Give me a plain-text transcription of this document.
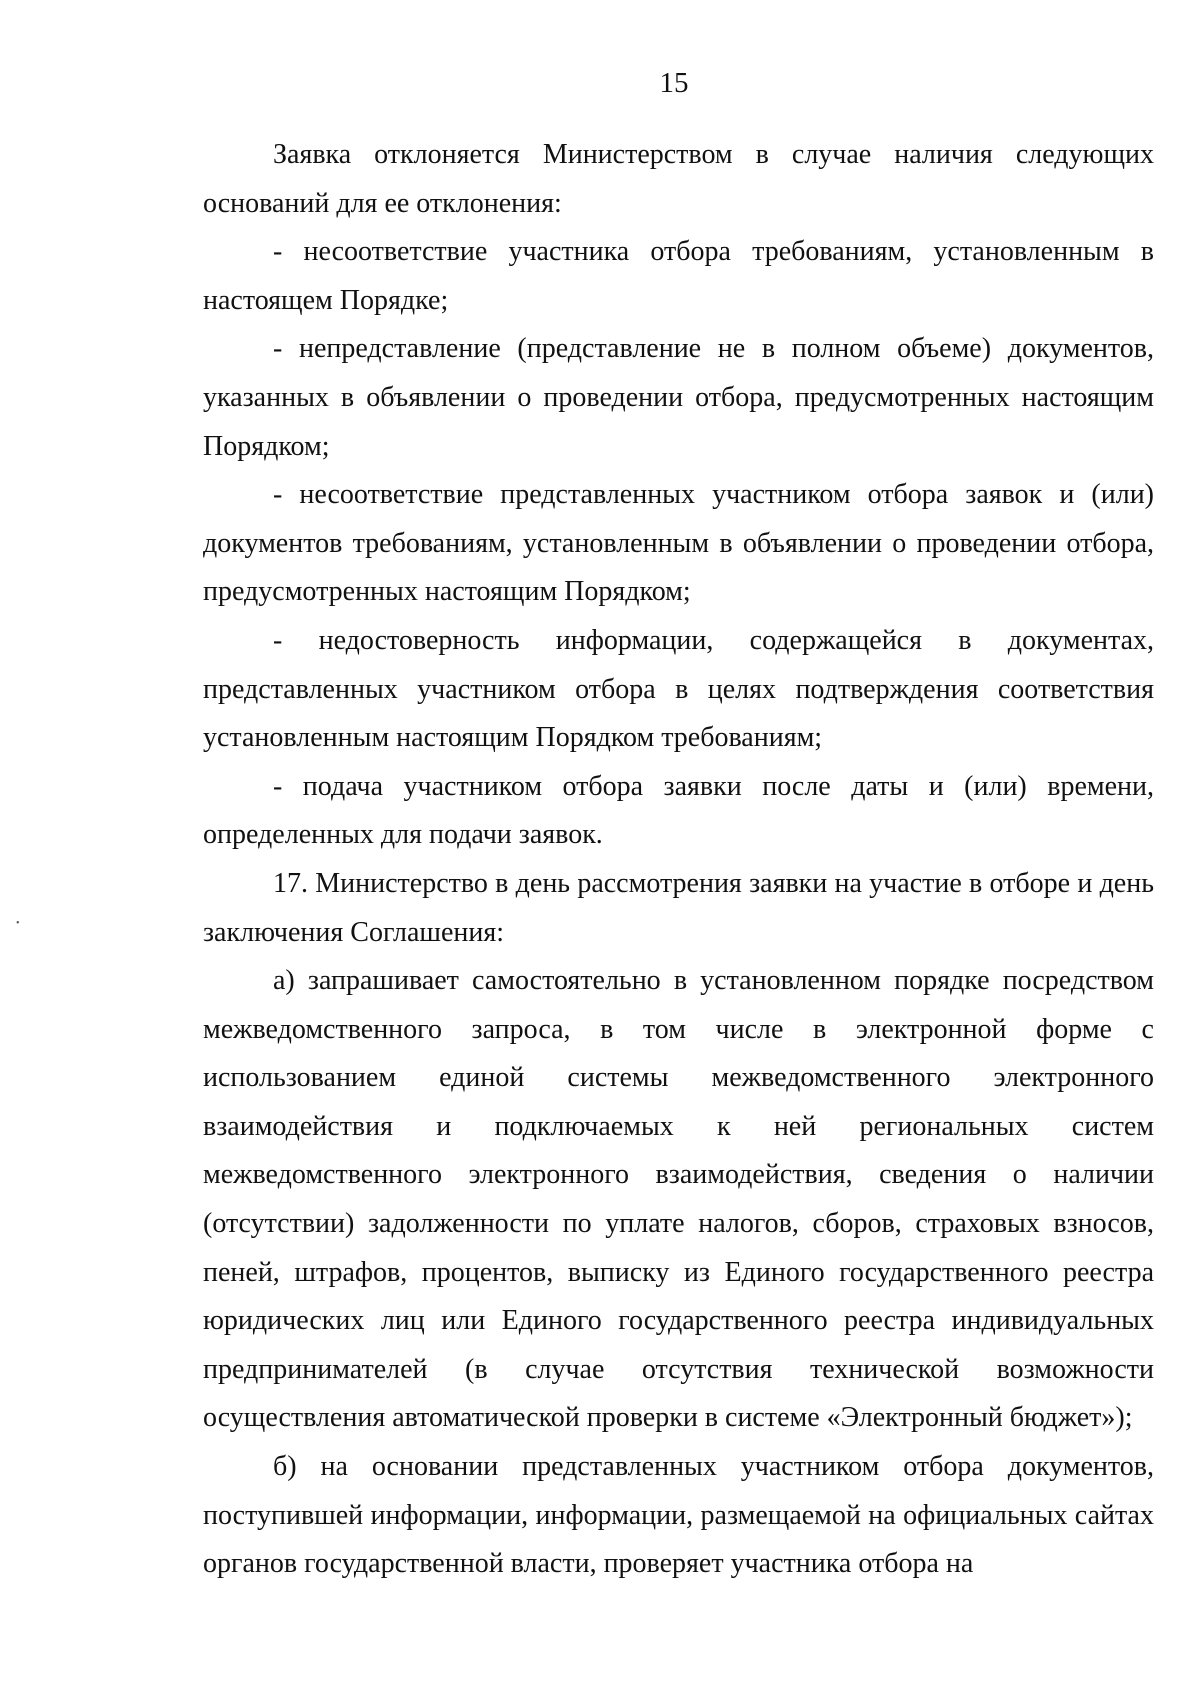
15
•

Заявка отклоняется Министерством в случае наличия следующих оснований для ее отклонения:

- несоответствие участника отбора требованиям, установленным в настоящем Порядке;

- непредставление (представление не в полном объеме) документов, указанных в объявлении о проведении отбора, предусмотренных настоящим Порядком;

- несоответствие представленных участником отбора заявок и (или) документов требованиям, установленным в объявлении о проведении отбора, предусмотренных настоящим Порядком;

- недостоверность информации, содержащейся в документах, представленных участником отбора в целях подтверждения соответствия установленным настоящим Порядком требованиям;

- подача участником отбора заявки после даты и (или) времени, определенных для подачи заявок.

17. Министерство в день рассмотрения заявки на участие в отборе и день заключения Соглашения:

а) запрашивает самостоятельно в установленном порядке посредством межведомственного запроса, в том числе в электронной форме с использованием единой системы межведомственного электронного взаимодействия и подключаемых к ней региональных систем межведомственного электронного взаимодействия, сведения о наличии (отсутствии) задолженности по уплате налогов, сборов, страховых взносов, пеней, штрафов, процентов, выписку из Единого государственного реестра юридических лиц или Единого государственного реестра индивидуальных предпринимателей (в случае отсутствия технической возможности осуществления автоматической проверки в системе «Электронный бюджет»);

б) на основании представленных участником отбора документов, поступившей информации, информации, размещаемой на официальных сайтах органов государственной власти, проверяет участника отбора на
